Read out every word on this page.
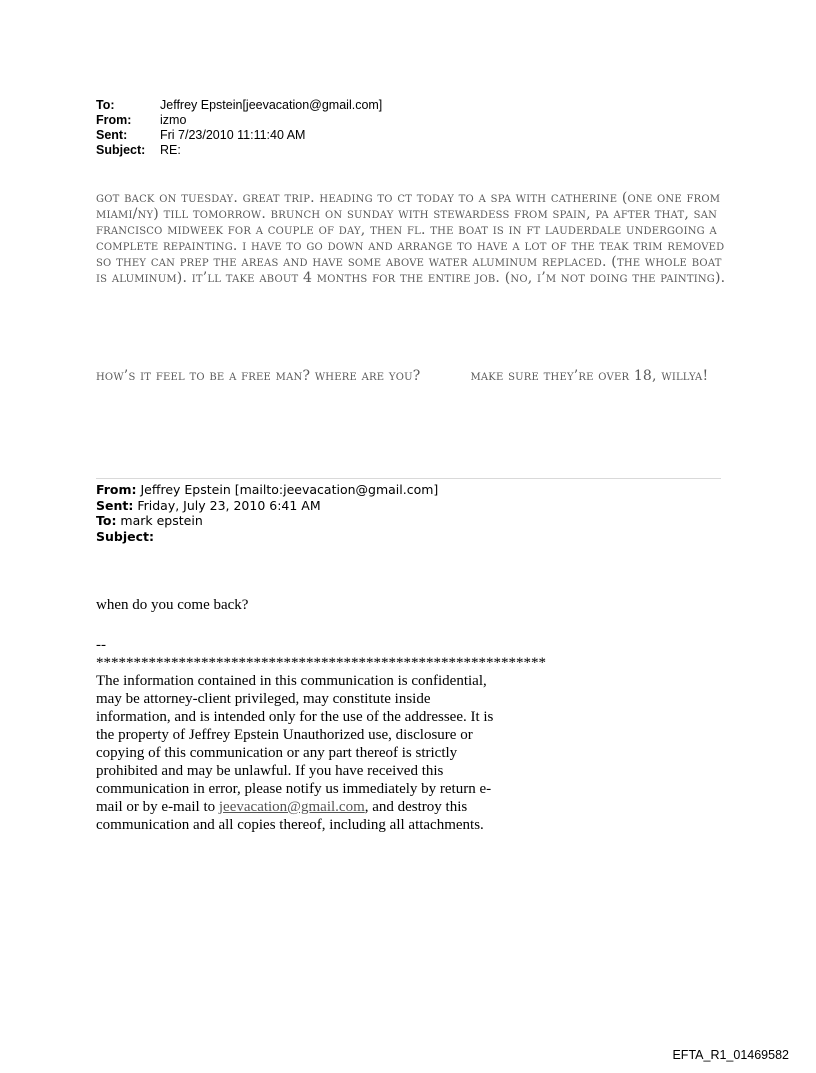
To:	Jeffrey Epstein[jeevacation@gmail.com]
From:	izmo
Sent:	Fri 7/23/2010 11:11:40 AM
Subject:	RE:

got back on tuesday. great trip. heading to ct today to a spa with catherine (one one from miami/ny) till tomorrow. brunch on sunday with stewardess from spain, pa after that, san francisco midweek for a couple of day, then fl. the boat is in ft lauderdale undergoing a complete repainting. i have to go down and arrange to have a lot of the teak trim removed so they can prep the areas and have some above water aluminum replaced. (the whole boat is aluminum). it’ll take about 4 months for the entire job. (no, i’m not doing the painting).

how’s it feel to be a free man? where are you?	make sure they’re over 18, willya!
From: Jeffrey Epstein [mailto:jeevacation@gmail.com]
Sent: Friday, July 23, 2010 6:41 AM
To: mark epstein
Subject:

when do you come back?

--
************************************************************
The information contained in this communication is confidential, may be attorney-client privileged, may constitute inside information, and is intended only for the use of the addressee. It is the property of Jeffrey Epstein Unauthorized use, disclosure or copying of this communication or any part thereof is strictly prohibited and may be unlawful. If you have received this communication in error, please notify us immediately by return e-mail or by e-mail to jeevacation@gmail.com, and destroy this communication and all copies thereof, including all attachments.
EFTA_R1_01469582
